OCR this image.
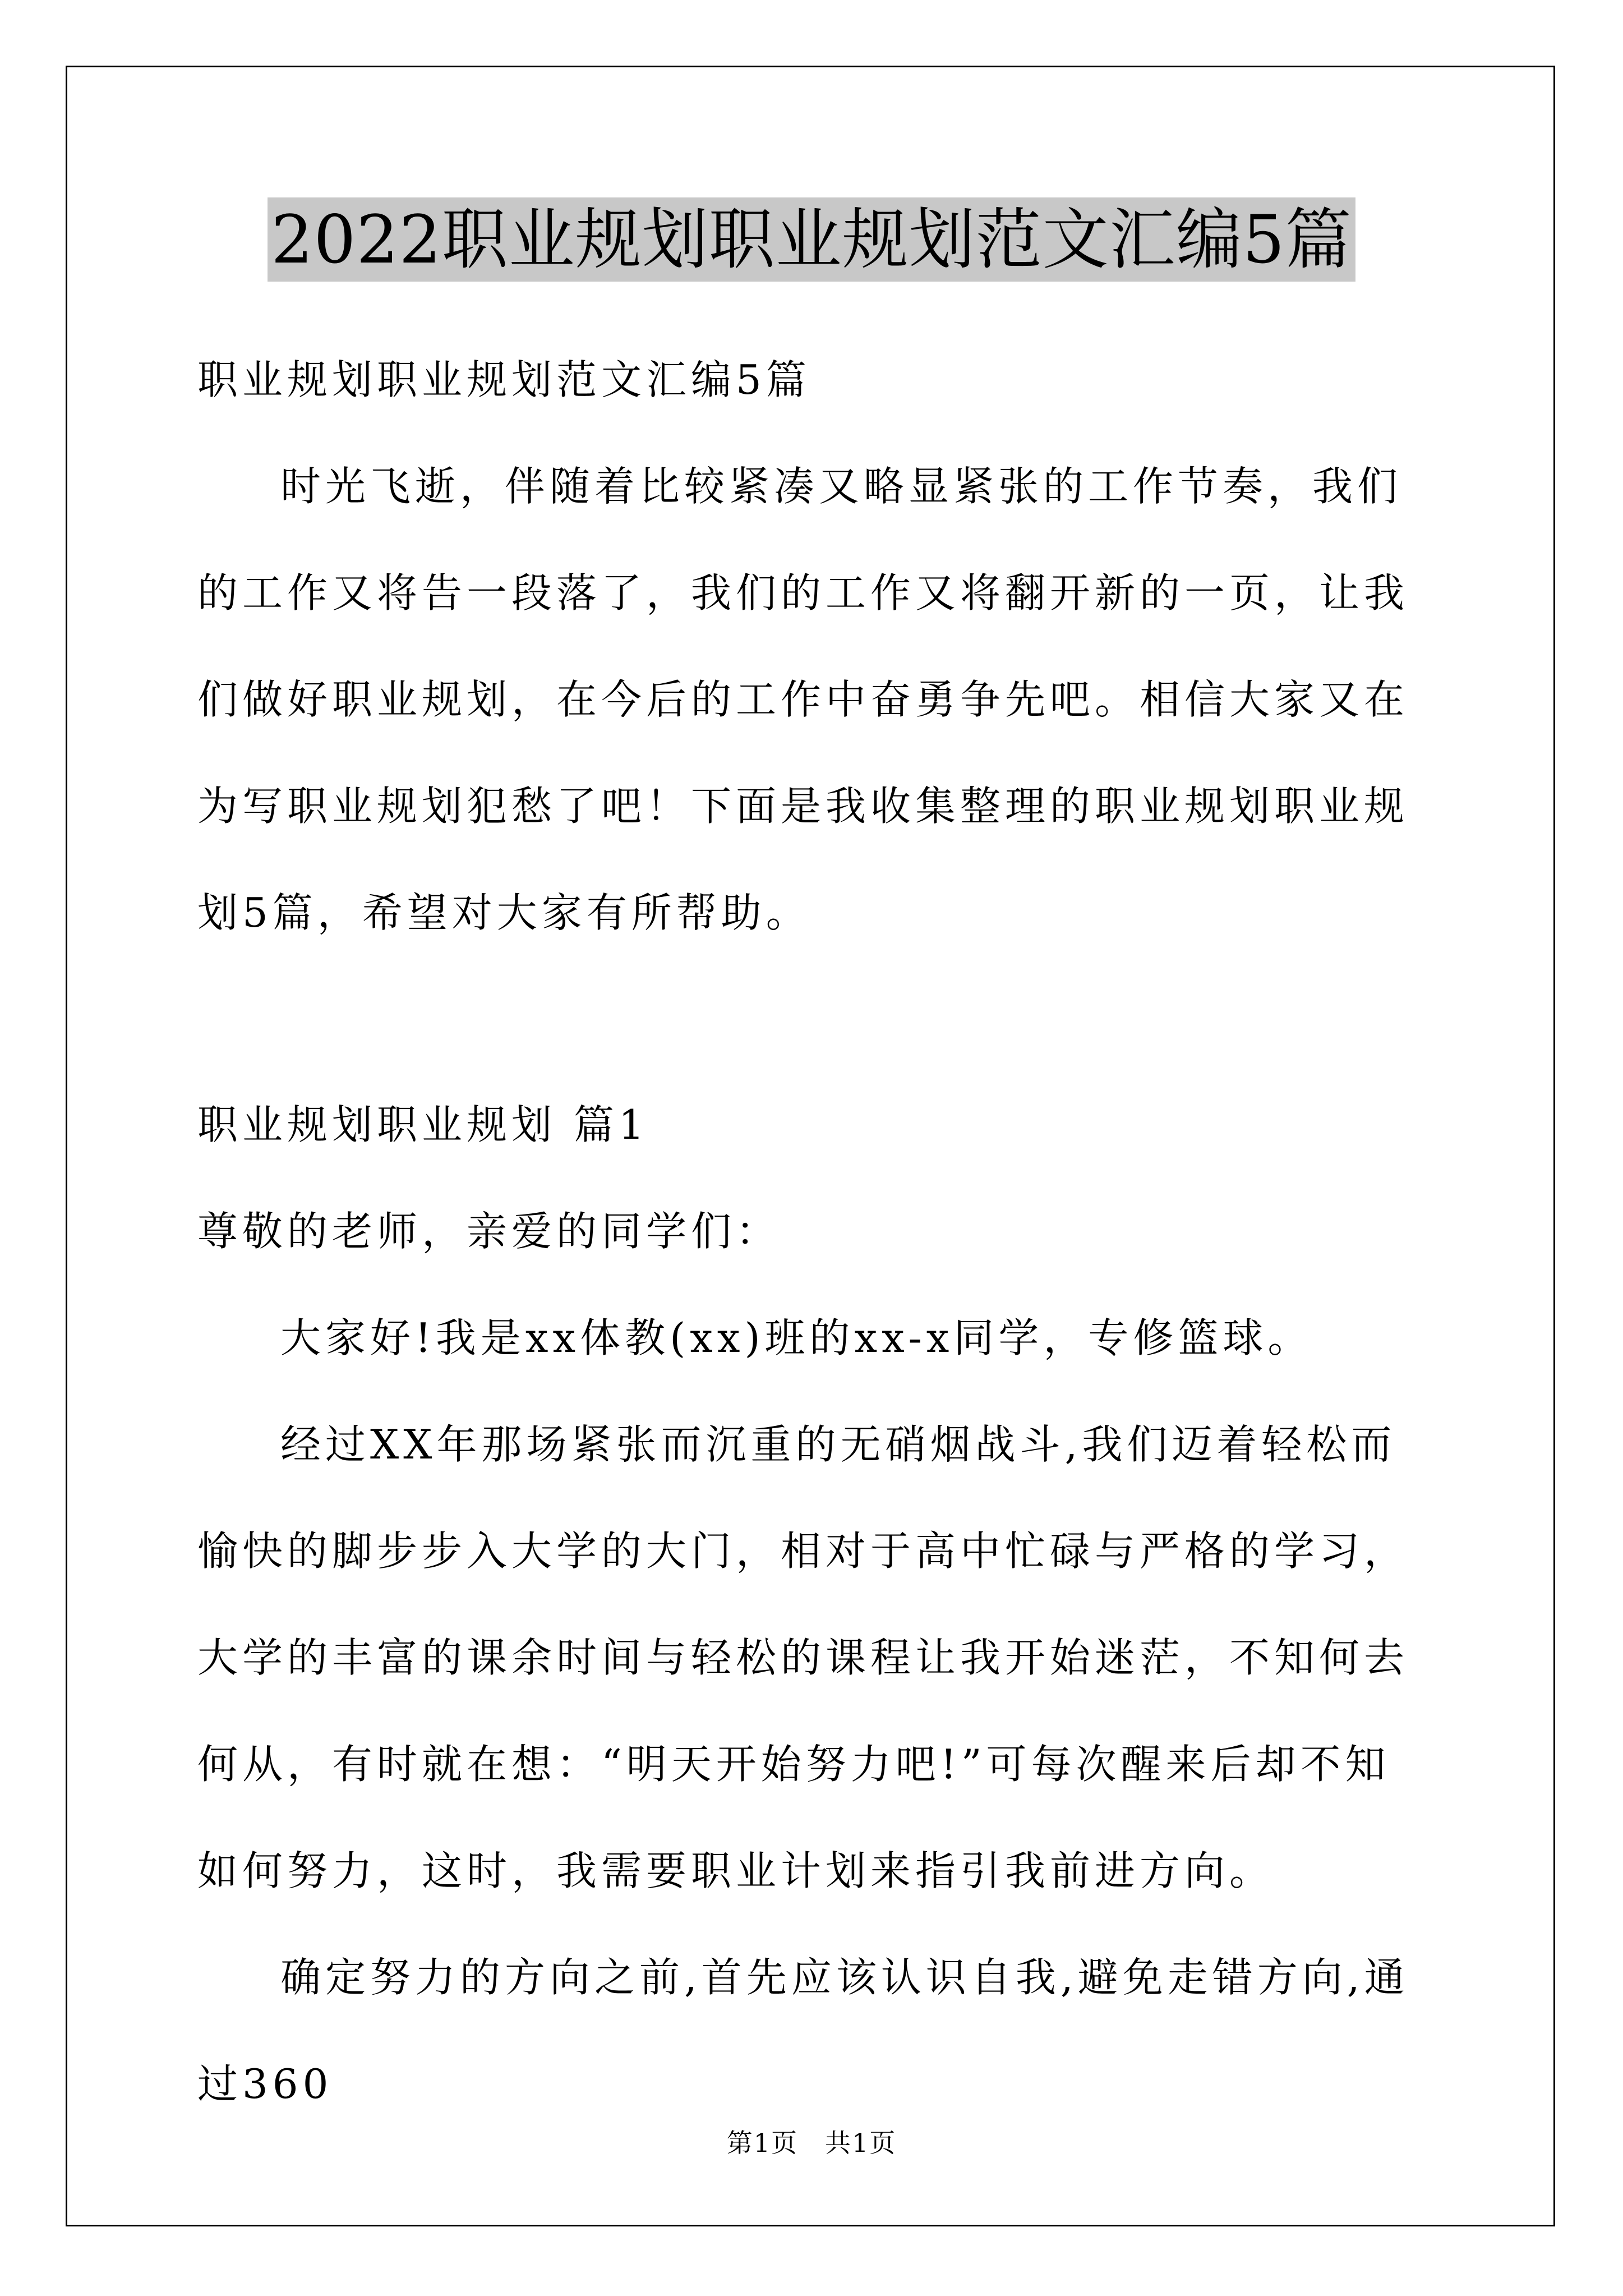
2022职业规划职业规划范文汇编5篇

职业规划职业规划范文汇编5篇

时光飞逝，伴随着比较紧凑又略显紧张的工作节奏，我们的工作又将告一段落了，我们的工作又将翻开新的一页，让我们做好职业规划，在今后的工作中奋勇争先吧。相信大家又在为写职业规划犯愁了吧！下面是我收集整理的职业规划职业规划5篇，希望对大家有所帮助。

职业规划职业规划 篇1

尊敬的老师，亲爱的同学们：

大家好!我是xx体教(xx)班的xx-x同学，专修篮球。

经过XX年那场紧张而沉重的无硝烟战斗,我们迈着轻松而愉快的脚步步入大学的大门，相对于高中忙碌与严格的学习，大学的丰富的课余时间与轻松的课程让我开始迷茫，不知何去何从，有时就在想：“明天开始努力吧!”可每次醒来后却不知如何努力，这时，我需要职业计划来指引我前进方向。

确定努力的方向之前,首先应该认识自我,避免走错方向,通过360

第1页　共1页
